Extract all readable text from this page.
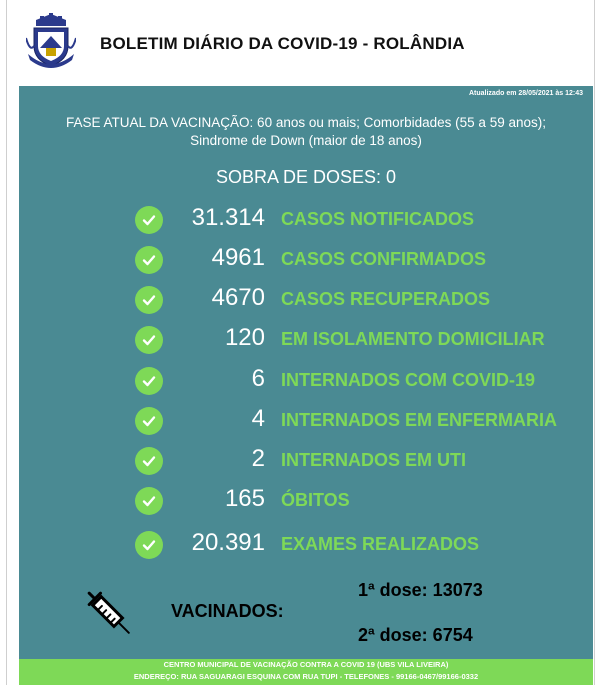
BOLETIM DIÁRIO DA COVID-19 - ROLÂNDIA
Atualizado em 28/05/2021 às 12:43
FASE ATUAL DA VACINAÇÃO: 60 anos ou mais; Comorbidades (55 a 59 anos);
Sindrome de Down (maior de 18 anos)
SOBRA DE DOSES: 0
31.314 CASOS NOTIFICADOS
4961 CASOS CONFIRMADOS
4670 CASOS RECUPERADOS
120 EM ISOLAMENTO DOMICILIAR
6 INTERNADOS COM COVID-19
4 INTERNADOS EM ENFERMARIA
2 INTERNADOS EM UTI
165 ÓBITOS
20.391 EXAMES REALIZADOS
VACINADOS:
1ª dose: 13073
2ª dose: 6754
CENTRO MUNICIPAL DE VACINAÇÃO CONTRA A COVID 19 (UBS VILA LIVEIRA)
ENDEREÇO: RUA SAGUARAGI ESQUINA COM RUA TUPI - TELEFONES - 99166-0467/99166-0332
